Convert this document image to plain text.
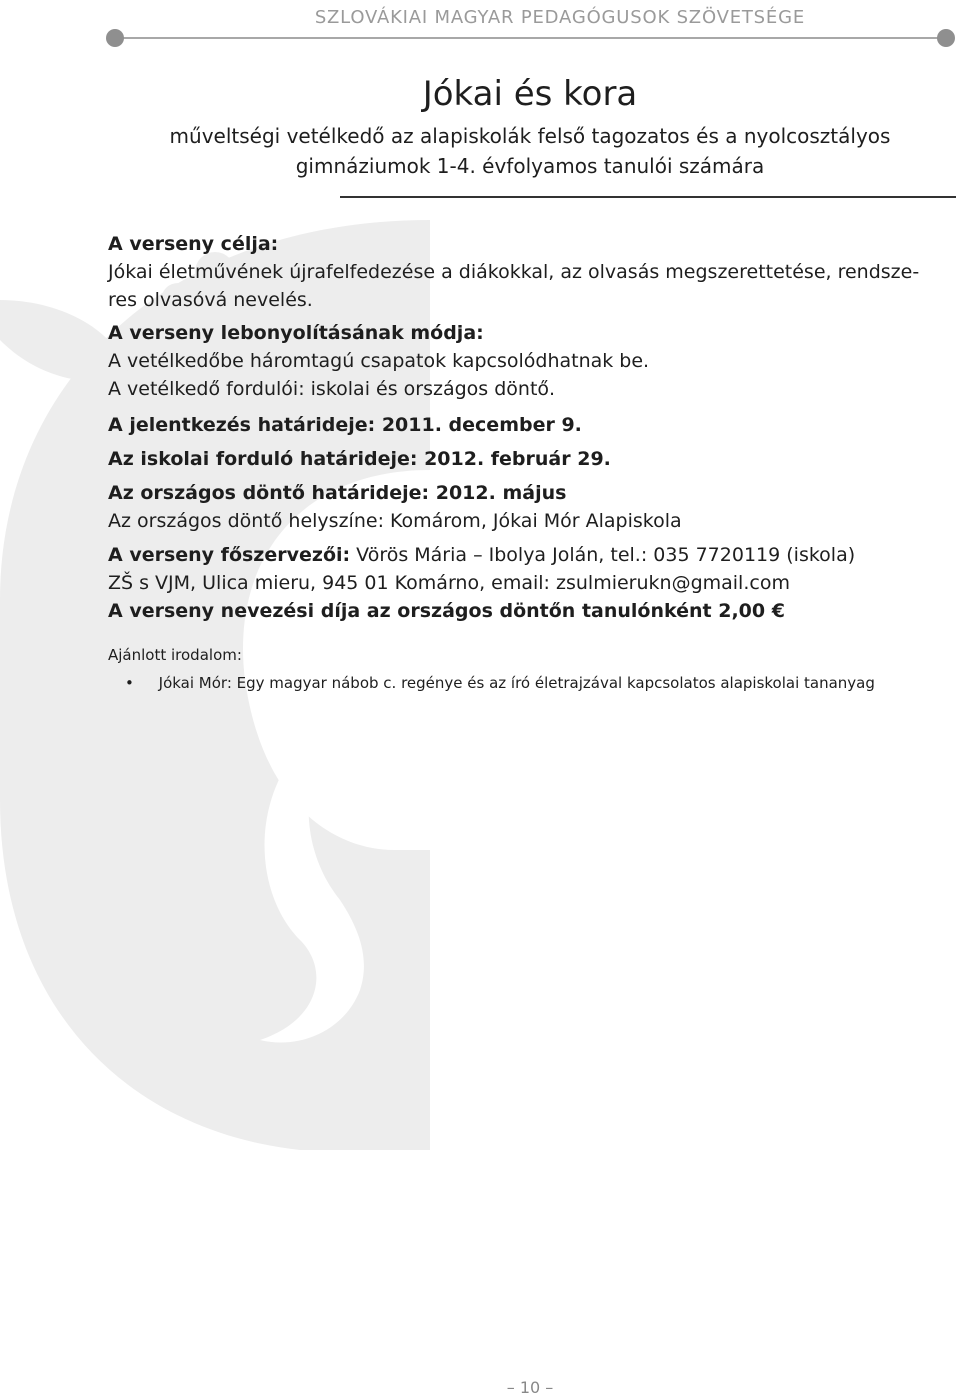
SZLOVÁKIAI MAGYAR PEDAGÓGUSOK SZÖVETSÉGE
Jókai és kora
műveltségi vetélkedő az alapiskolák felső tagozatos és a nyolcosztályos
gimnáziumok 1-4. évfolyamos tanulói számára
A verseny célja:
Jókai életművének újrafelfedezése a diákokkal, az olvasás megszerettetése, rendsze-
res olvasóvá nevelés.
A verseny lebonyolításának módja:
A vetélkedőbe háromtagú csapatok kapcsolódhatnak be.
A vetélkedő fordulói: iskolai és országos döntő.
A jelentkezés határideje: 2011. december 9.
Az iskolai forduló határideje: 2012. február 29.
Az országos döntő határideje: 2012. május
Az országos döntő helyszíne: Komárom, Jókai Mór Alapiskola
A verseny főszervezői: Vörös Mária – Ibolya Jolán, tel.: 035 7720119 (iskola)
ZŠ s VJM, Ulica mieru, 945 01 Komárno, email: zsulmierukn@gmail.com
A verseny nevezési díja az országos döntőn tanulónként 2,00 €
Ajánlott irodalom:
• Jókai Mór: Egy magyar nábob c. regénye és az író életrajzával kapcsolatos alapiskolai tananyag
– 10 –
